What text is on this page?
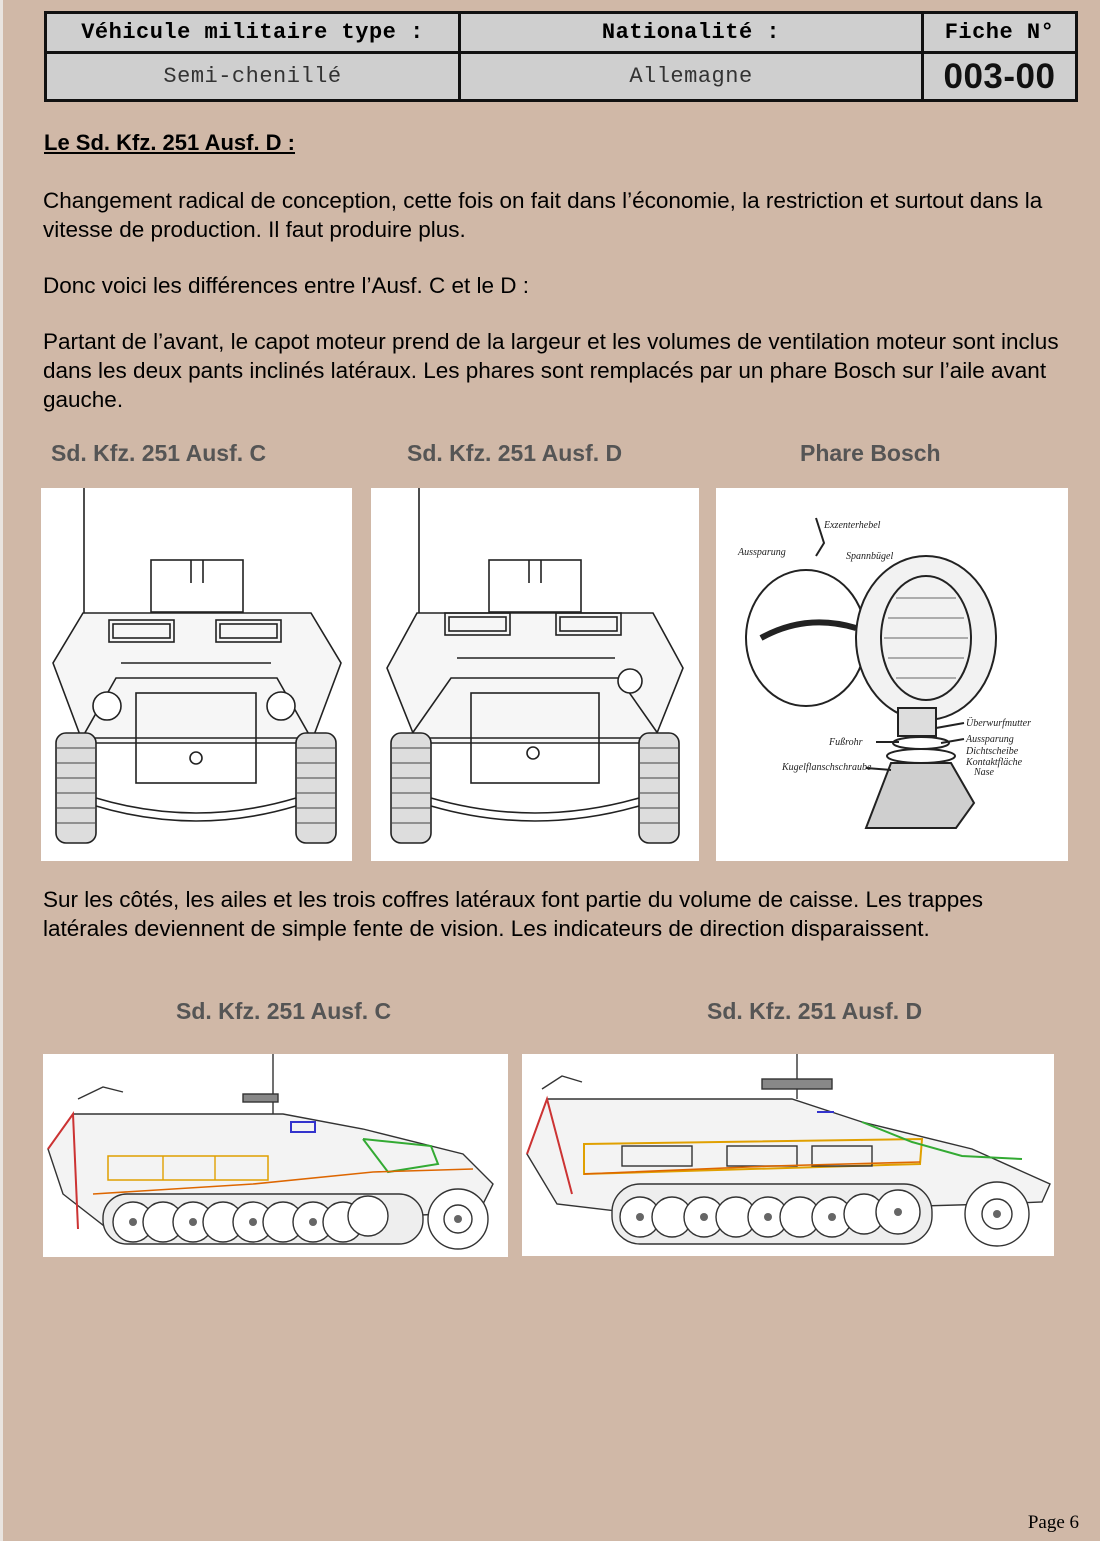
Véhicule militaire type :	Nationalité :	Fiche N°
Semi-chenillé	Allemagne	003-00
Le Sd. Kfz. 251 Ausf. D :

Changement radical de conception, cette fois on fait dans l’économie, la restriction et surtout dans la vitesse de production. Il faut produire plus.

Donc voici les différences entre l’Ausf. C et le D :

Partant de l’avant, le capot moteur prend de la largeur et les volumes de ventilation moteur sont inclus dans les deux pants inclinés latéraux. Les phares sont remplacés par un phare Bosch sur l’aile avant gauche.

Sd. Kfz. 251 Ausf. C	Sd. Kfz. 251 Ausf. D	Phare Bosch
Exzenterhebel
Aussparung	Spannbügel
Überwurfmutter
Fußrohr	Aussparung
Dichtscheibe
Kontaktfläche
Nase
Kugelflanschschraube

Sur les côtés, les ailes et les trois coffres latéraux font partie du volume de caisse. Les trappes latérales deviennent de simple fente de vision. Les indicateurs de direction disparaissent.

Sd. Kfz. 251 Ausf. C	Sd. Kfz. 251 Ausf. D
Page 6
